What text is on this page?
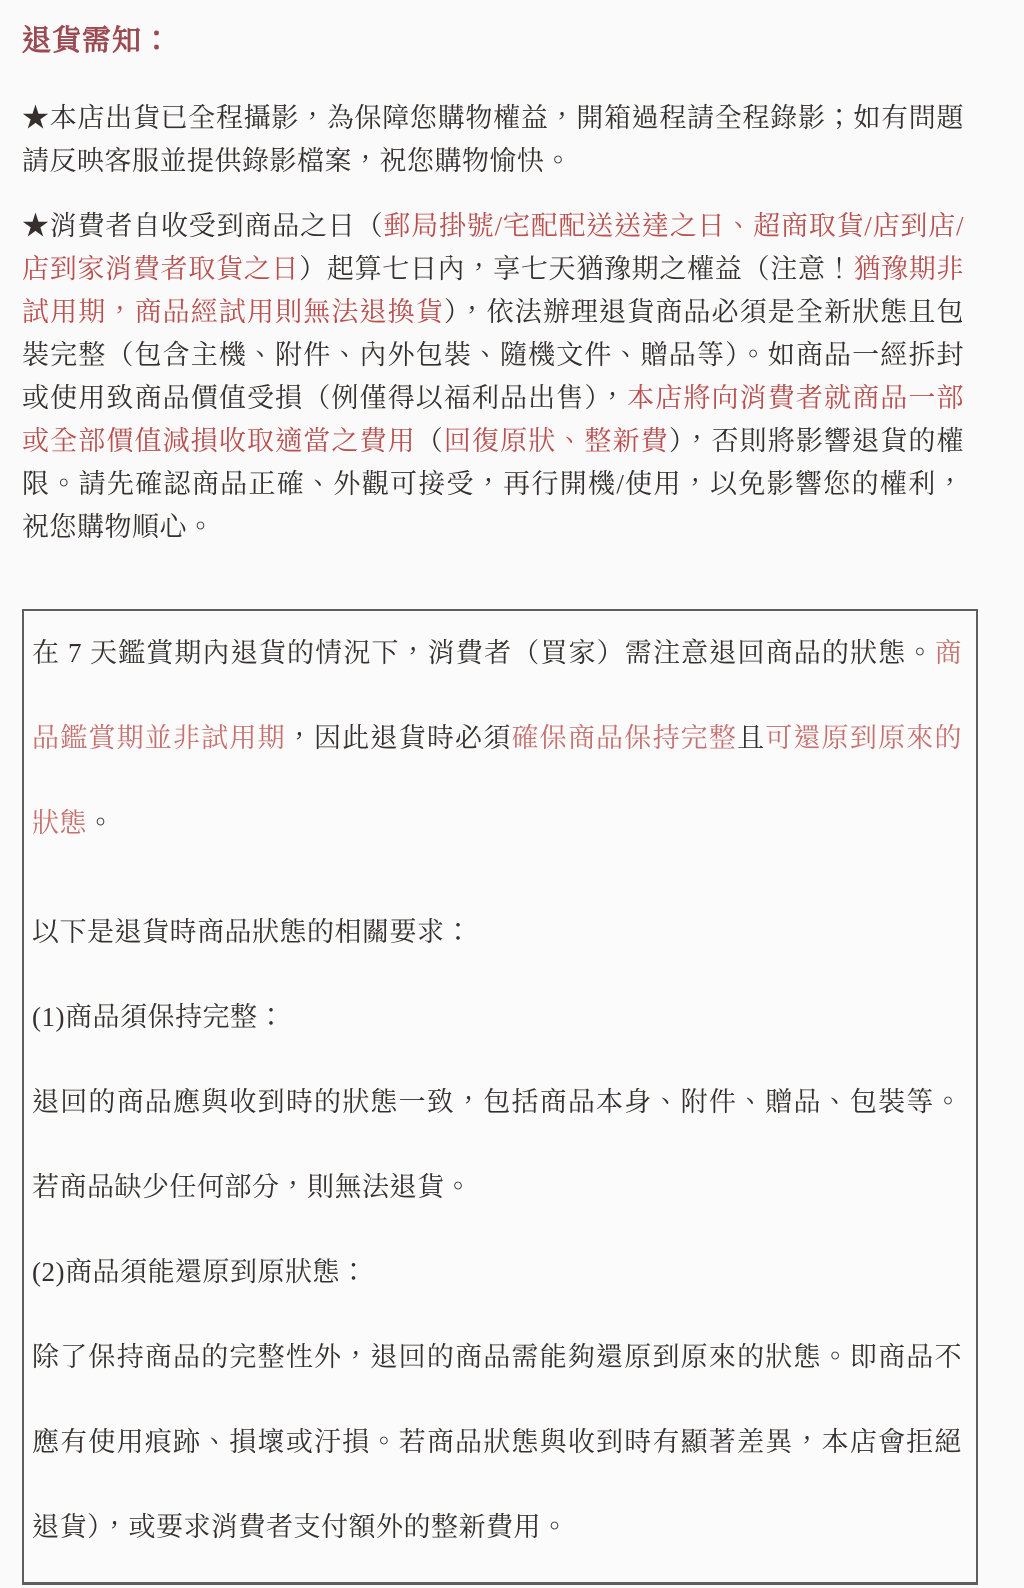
退貨需知：

★本店出貨已全程攝影，為保障您購物權益，開箱過程請全程錄影；如有問題請反映客服並提供錄影檔案，祝您購物愉快。

★消費者自收受到商品之日（郵局掛號/宅配配送送達之日、超商取貨/店到店/店到家消費者取貨之日）起算七日內，享七天猶豫期之權益（注意！猶豫期非試用期，商品經試用則無法退換貨），依法辦理退貨商品必須是全新狀態且包裝完整（包含主機、附件、內外包裝、隨機文件、贈品等）。如商品一經拆封或使用致商品價值受損（例僅得以福利品出售），本店將向消費者就商品一部或全部價值減損收取適當之費用（回復原狀、整新費），否則將影響退貨的權限。請先確認商品正確、外觀可接受，再行開機/使用，以免影響您的權利，祝您購物順心。

在 7 天鑑賞期內退貨的情況下，消費者（買家）需注意退回商品的狀態。商品鑑賞期並非試用期，因此退貨時必須確保商品保持完整且可還原到原來的狀態。

以下是退貨時商品狀態的相關要求：

(1)商品須保持完整：

退回的商品應與收到時的狀態一致，包括商品本身、附件、贈品、包裝等。若商品缺少任何部分，則無法退貨。

(2)商品須能還原到原狀態：

除了保持商品的完整性外，退回的商品需能夠還原到原來的狀態。即商品不應有使用痕跡、損壞或汙損。若商品狀態與收到時有顯著差異，本店會拒絕退貨），或要求消費者支付額外的整新費用。
